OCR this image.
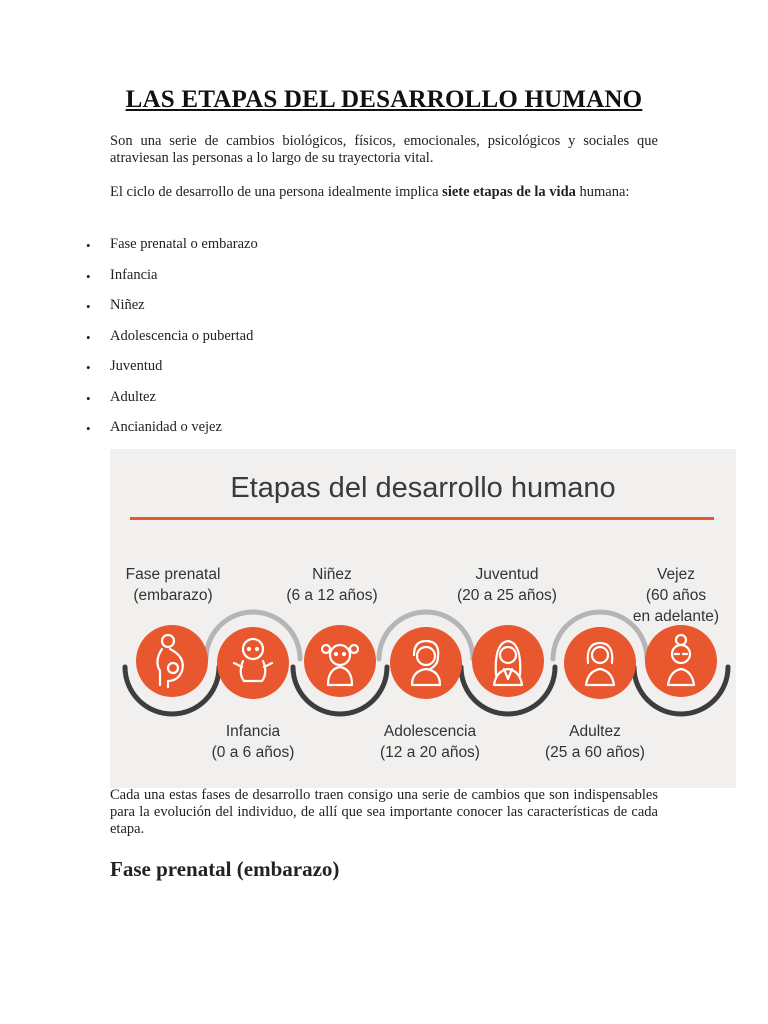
LAS ETAPAS DEL DESARROLLO HUMANO
Son una serie de cambios biológicos, físicos, emocionales, psicológicos y sociales que atraviesan las personas a lo largo de su trayectoria vital.
El ciclo de desarrollo de una persona idealmente implica siete etapas de la vida humana:
• Fase prenatal o embarazo
• Infancia
• Niñez
• Adolescencia o pubertad
• Juventud
• Adultez
• Ancianidad o vejez
Etapas del desarrollo humano
Fase prenatal
(embarazo)
Niñez
(6 a 12 años)
Juventud
(20 a 25 años)
Vejez
(60 años
en adelante)
Infancia
(0 a 6 años)
Adolescencia
(12 a 20 años)
Adultez
(25 a 60 años)
Cada una estas fases de desarrollo traen consigo una serie de cambios que son indispensables para la evolución del individuo, de allí que sea importante conocer las características de cada etapa.
Fase prenatal (embarazo)
